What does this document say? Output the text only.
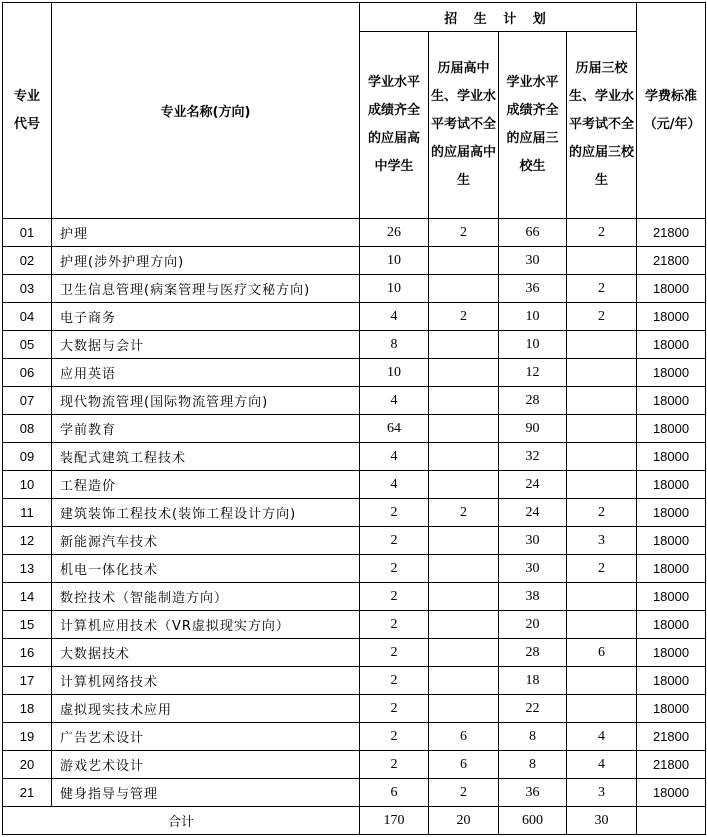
专业代号	专业名称(方向)	招 生 计 划				学费标准（元/年）
		学业水平成绩齐全的应届高中学生	历届高中生、学业水平考试不全的应届高中生	学业水平成绩齐全的应届三校生	历届三校生、学业水平考试不全的应届三校生	
01	护理	26	2	66	2	21800
02	护理(涉外护理方向)	10		30		21800
03	卫生信息管理(病案管理与医疗文秘方向)	10		36	2	18000
04	电子商务	4	2	10	2	18000
05	大数据与会计	8		10		18000
06	应用英语	10		12		18000
07	现代物流管理(国际物流管理方向)	4		28		18000
08	学前教育	64		90		18000
09	装配式建筑工程技术	4		32		18000
10	工程造价	4		24		18000
11	建筑装饰工程技术(装饰工程设计方向)	2	2	24	2	18000
12	新能源汽车技术	2		30	3	18000
13	机电一体化技术	2		30	2	18000
14	数控技术（智能制造方向）	2		38		18000
15	计算机应用技术（VR虚拟现实方向）	2		20		18000
16	大数据技术	2		28	6	18000
17	计算机网络技术	2		18		18000
18	虚拟现实技术应用	2		22		18000
19	广告艺术设计	2	6	8	4	21800
20	游戏艺术设计	2	6	8	4	21800
21	健身指导与管理	6	2	36	3	18000
合计		170	20	600	30	
